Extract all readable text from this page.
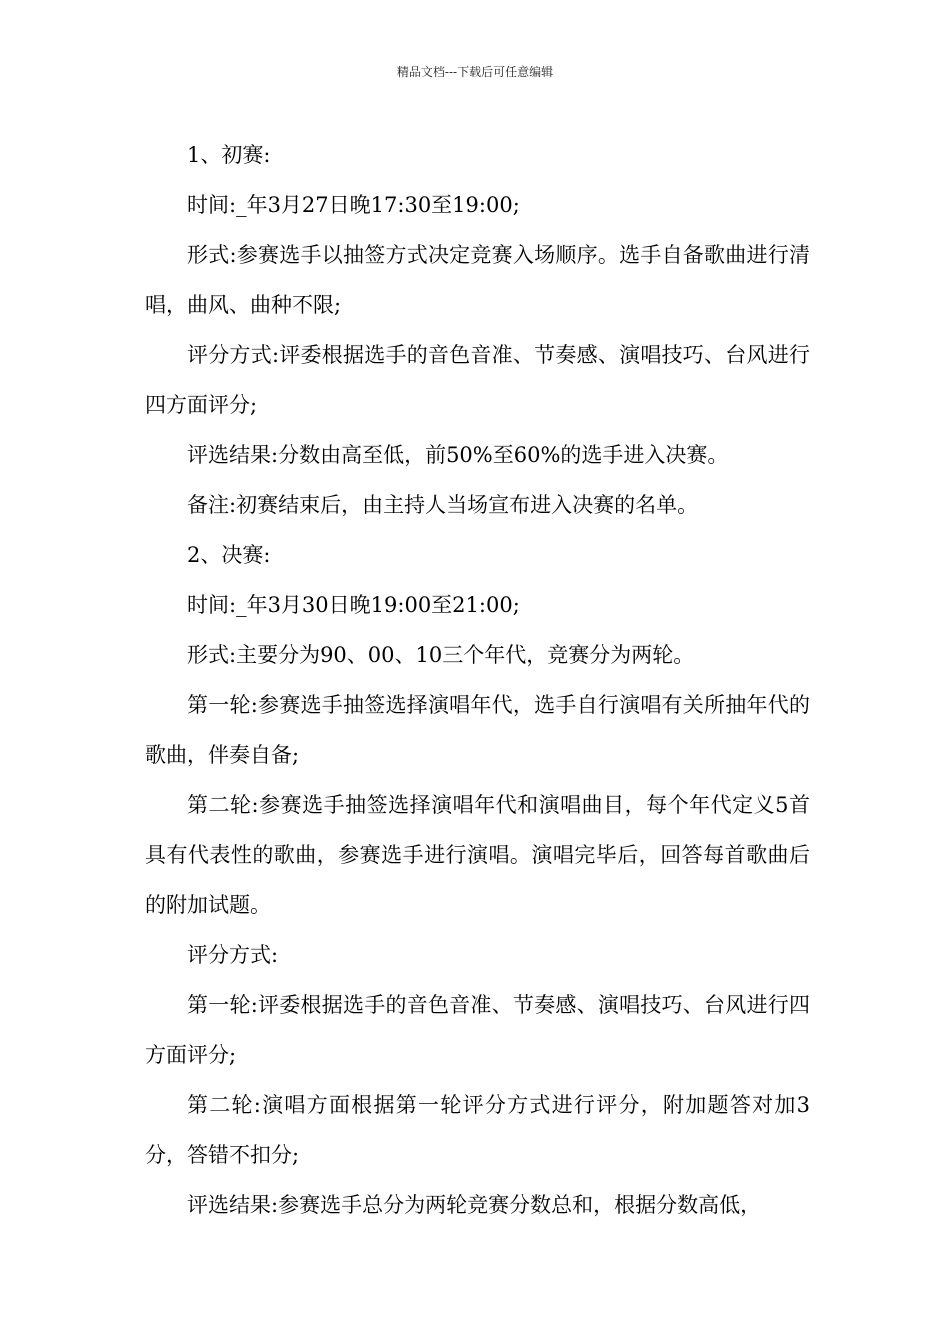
精品文档---下载后可任意编辑

1、初赛:

时间:_年3月27日晚17:30至19:00;

形式:参赛选手以抽签方式决定竞赛入场顺序。选手自备歌曲进行清唱，曲风、曲种不限;

评分方式:评委根据选手的音色音准、节奏感、演唱技巧、台风进行四方面评分;

评选结果:分数由高至低，前50%至60%的选手进入决赛。

备注:初赛结束后，由主持人当场宣布进入决赛的名单。

2、决赛:

时间:_年3月30日晚19:00至21:00;

形式:主要分为90、00、10三个年代，竞赛分为两轮。

第一轮:参赛选手抽签选择演唱年代，选手自行演唱有关所抽年代的歌曲，伴奏自备;

第二轮:参赛选手抽签选择演唱年代和演唱曲目，每个年代定义5首具有代表性的歌曲，参赛选手进行演唱。演唱完毕后，回答每首歌曲后的附加试题。

评分方式:

第一轮:评委根据选手的音色音准、节奏感、演唱技巧、台风进行四方面评分;

第二轮:演唱方面根据第一轮评分方式进行评分，附加题答对加3分，答错不扣分;

评选结果:参赛选手总分为两轮竞赛分数总和，根据分数高低，
